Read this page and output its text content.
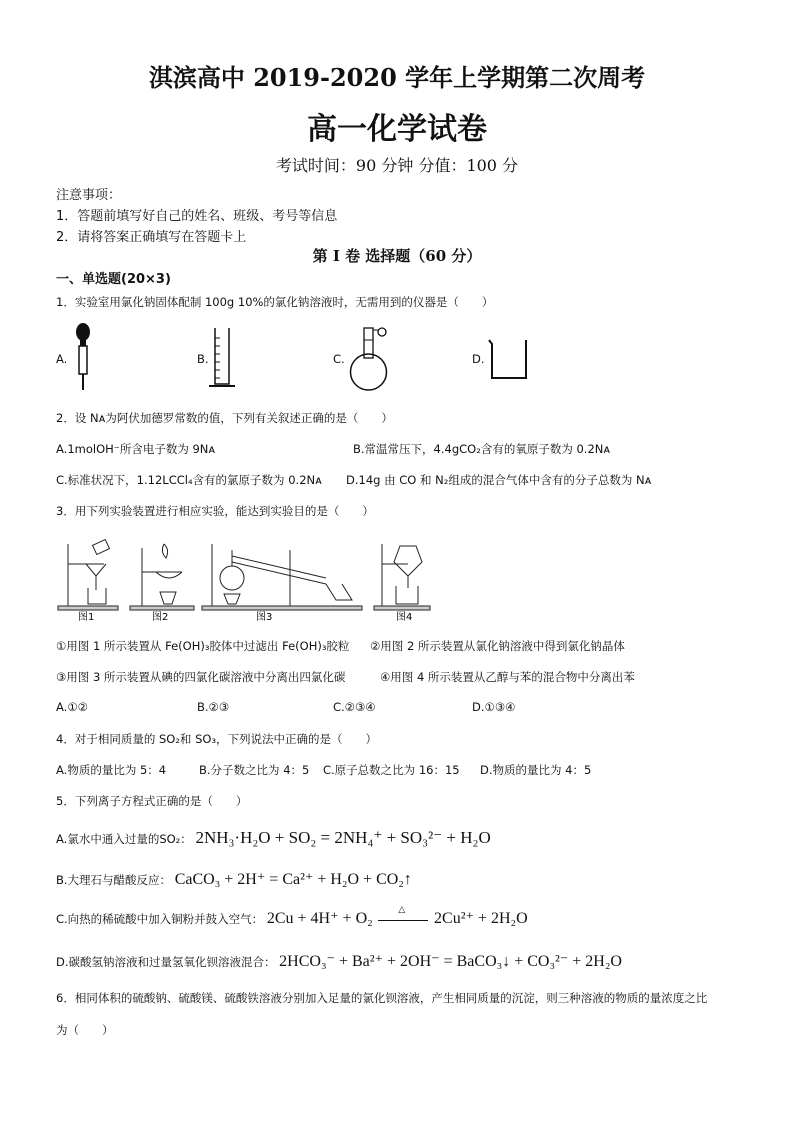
淇滨高中 2019-2020 学年上学期第二次周考
高一化学试卷
考试时间：90 分钟 分值：100 分
注意事项：
1．答题前填写好自己的姓名、班级、考号等信息
2．请将答案正确填写在答题卡上
第 I 卷 选择题（60 分）
一、单选题(20×3)
1．实验室用氯化钠固体配制 100g 10%的氯化钠溶液时，无需用到的仪器是（　　）
A.	B.	C.	D.
2．设 Nᴀ为阿伏加德罗常数的值，下列有关叙述正确的是（　　）
A.1molOH⁻所含电子数为 9Nᴀ	B.常温常压下，4.4gCO₂含有的氧原子数为 0.2Nᴀ
C.标准状况下，1.12LCCl₄含有的氯原子数为 0.2Nᴀ D.14g 由 CO 和 N₂组成的混合气体中含有的分子总数为 Nᴀ
3．用下列实验装置进行相应实验，能达到实验目的是（　　）
图1	图2	图3	图4
①用图 1 所示装置从 Fe(OH)₃胶体中过滤出 Fe(OH)₃胶粒 ②用图 2 所示装置从氯化钠溶液中得到氯化钠晶体
③用图 3 所示装置从碘的四氯化碳溶液中分离出四氯化碳	④用图 4 所示装置从乙醇与苯的混合物中分离出苯
A.①②	B.②③	C.②③④	D.①③④
4．对于相同质量的 SO₂和 SO₃，下列说法中正确的是（　　）
A.物质的量比为 5：4	B.分子数之比为 4：5 C.原子总数之比为 16：15 D.物质的量比为 4：5
5．下列离子方程式正确的是（　　）
A.氯水中通入过量的SO₂： 2NH₃·H₂O + SO₂ = 2NH₄⁺ + SO₃²⁻ + H₂O
B.大理石与醋酸反应： CaCO₃ + 2H⁺ = Ca²⁺ + H₂O + CO₂↑
C.向热的稀硫酸中加入铜粉并鼓入空气： 2Cu + 4H⁺ + O₂
△
2Cu²⁺ + 2H₂O
D.碳酸氢钠溶液和过量氢氧化钡溶液混合： 2HCO₃⁻ + Ba²⁺ + 2OH⁻ = BaCO₃↓ + CO₃²⁻ + 2H₂O
6．相同体积的硫酸钠、硫酸镁、硫酸铁溶液分别加入足量的氯化钡溶液，产生相同质量的沉淀，则三种溶液的物质的量浓度之比
为（　　）
